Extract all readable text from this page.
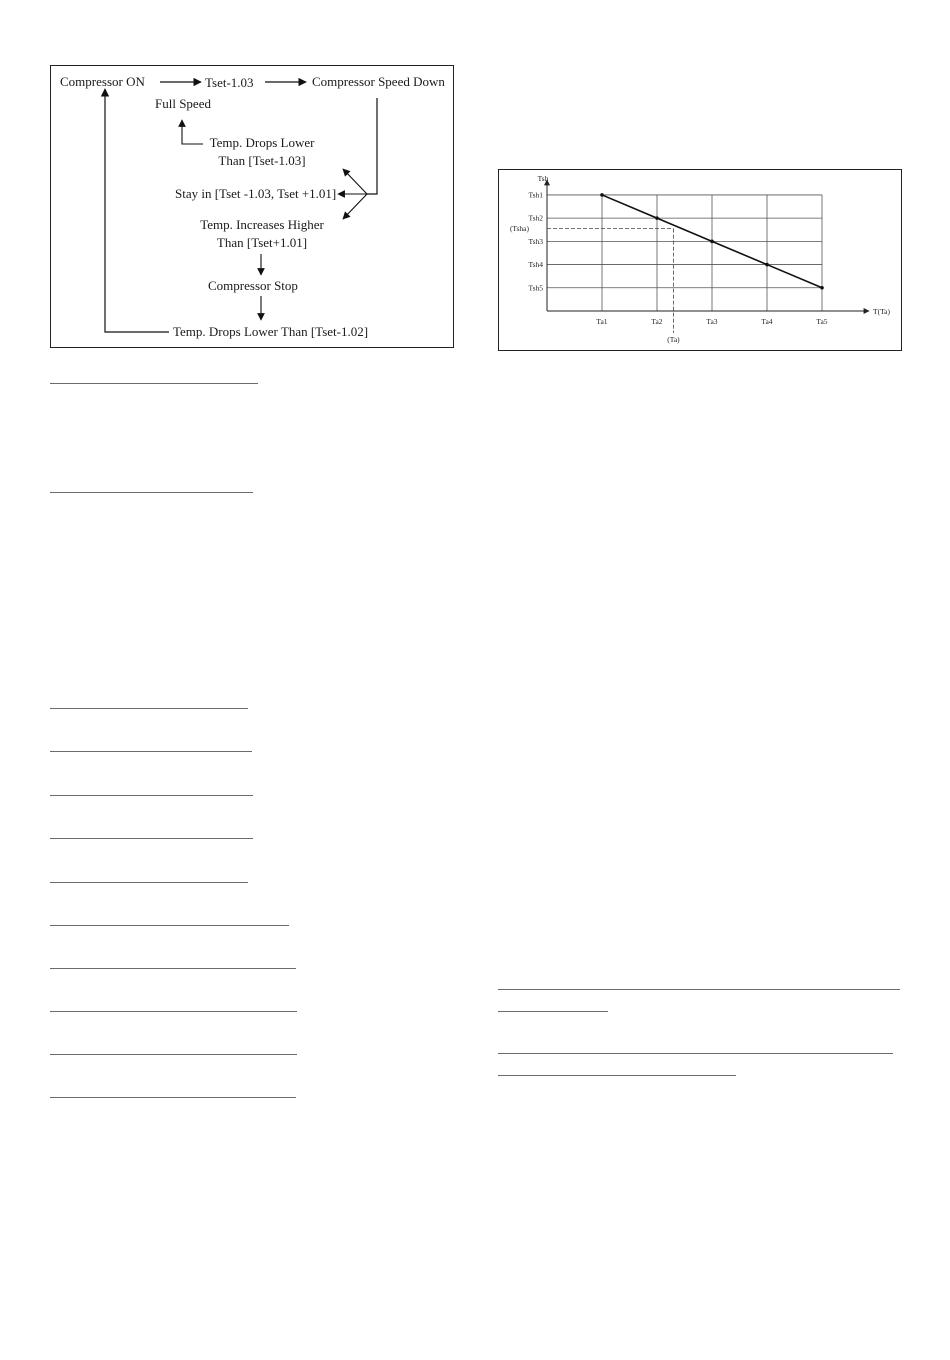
Compressor ON	Tset-1.03	Compressor Speed Down
Full Speed
Temp. Drops Lower
Than [Tset-1.03]
Stay in [Tset -1.03, Tset +1.01]
Temp. Increases Higher
Than [Tset+1.01]
Compressor Stop
Temp. Drops Lower Than [Tset-1.02]
Tsh1
Tsh2
Tsh3
Tsh4
Tsh5
Ta1	Ta2	Ta3	Ta4	Ta5
Tsh
T(Ta)
(Tsha)
(Ta)
